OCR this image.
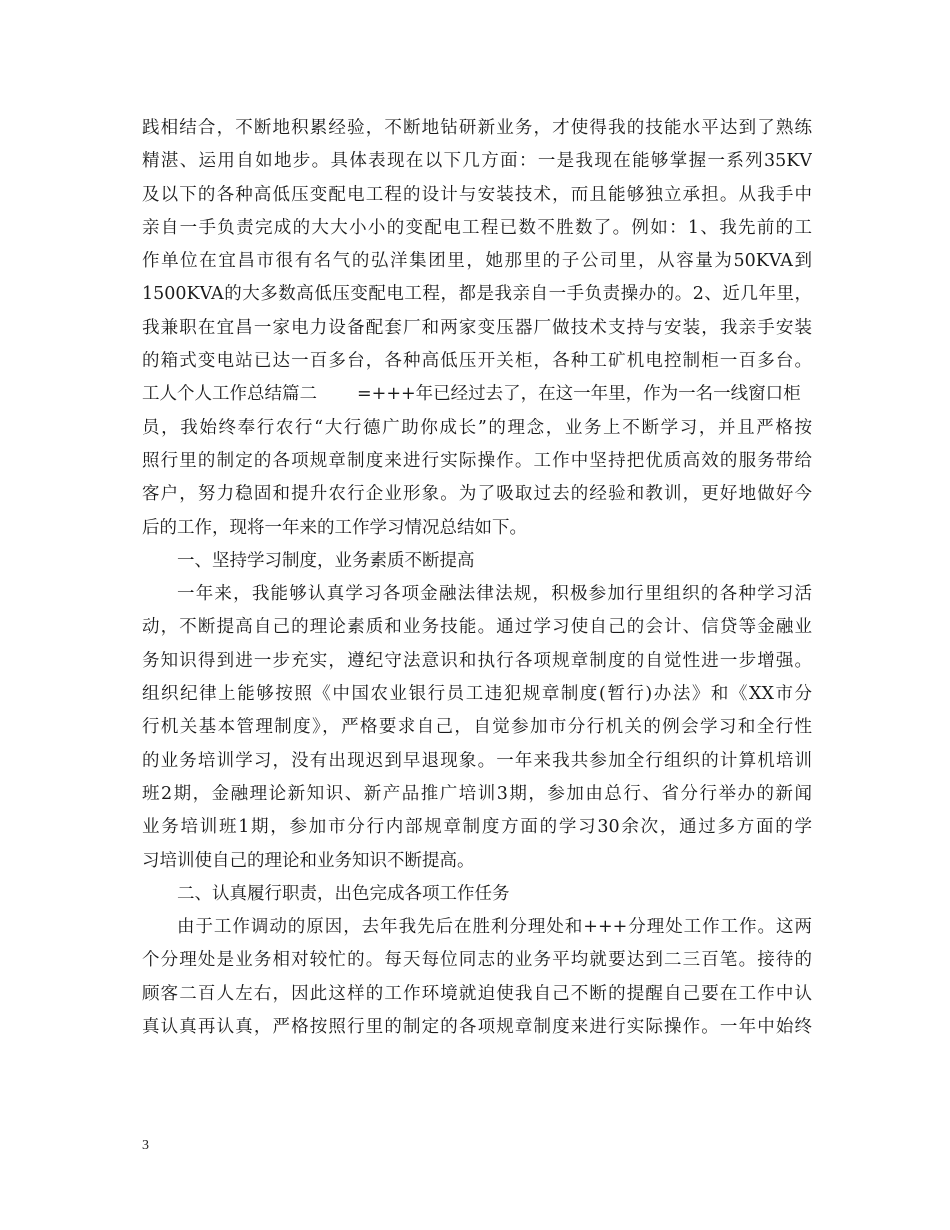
践相结合，不断地积累经验，不断地钻研新业务，才使得我的技能水平达到了熟练
精湛、运用自如地步。具体表现在以下几方面：一是我现在能够掌握一系列35KV
及以下的各种高低压变配电工程的设计与安装技术，而且能够独立承担。从我手中
亲自一手负责完成的大大小小的变配电工程已数不胜数了。例如：1、我先前的工
作单位在宜昌市很有名气的弘洋集团里，她那里的子公司里，从容量为50KVA到
1500KVA的大多数高低压变配电工程，都是我亲自一手负责操办的。2、近几年里，
我兼职在宜昌一家电力设备配套厂和两家变压器厂做技术支持与安装，我亲手安装
的箱式变电站已达一百多台，各种高低压开关柜，各种工矿机电控制柜一百多台。
工人个人工作总结篇二 =+++年已经过去了，在这一年里，作为一名一线窗口柜
员，我始终奉行农行“大行德广助你成长”的理念，业务上不断学习，并且严格按
照行里的制定的各项规章制度来进行实际操作。工作中坚持把优质高效的服务带给
客户，努力稳固和提升农行企业形象。为了吸取过去的经验和教训，更好地做好今
后的工作，现将一年来的工作学习情况总结如下。
一、坚持学习制度，业务素质不断提高
一年来，我能够认真学习各项金融法律法规，积极参加行里组织的各种学习活
动，不断提高自己的理论素质和业务技能。通过学习使自己的会计、信贷等金融业
务知识得到进一步充实，遵纪守法意识和执行各项规章制度的自觉性进一步增强。
组织纪律上能够按照《中国农业银行员工违犯规章制度(暂行)办法》和《XX市分
行机关基本管理制度》，严格要求自己，自觉参加市分行机关的例会学习和全行性
的业务培训学习，没有出现迟到早退现象。一年来我共参加全行组织的计算机培训
班2期，金融理论新知识、新产品推广培训3期，参加由总行、省分行举办的新闻
业务培训班1期，参加市分行内部规章制度方面的学习30余次，通过多方面的学
习培训使自己的理论和业务知识不断提高。
二、认真履行职责，出色完成各项工作任务
由于工作调动的原因，去年我先后在胜利分理处和+++分理处工作工作。这两
个分理处是业务相对较忙的。每天每位同志的业务平均就要达到二三百笔。接待的
顾客二百人左右，因此这样的工作环境就迫使我自己不断的提醒自己要在工作中认
真认真再认真，严格按照行里的制定的各项规章制度来进行实际操作。一年中始终
3
